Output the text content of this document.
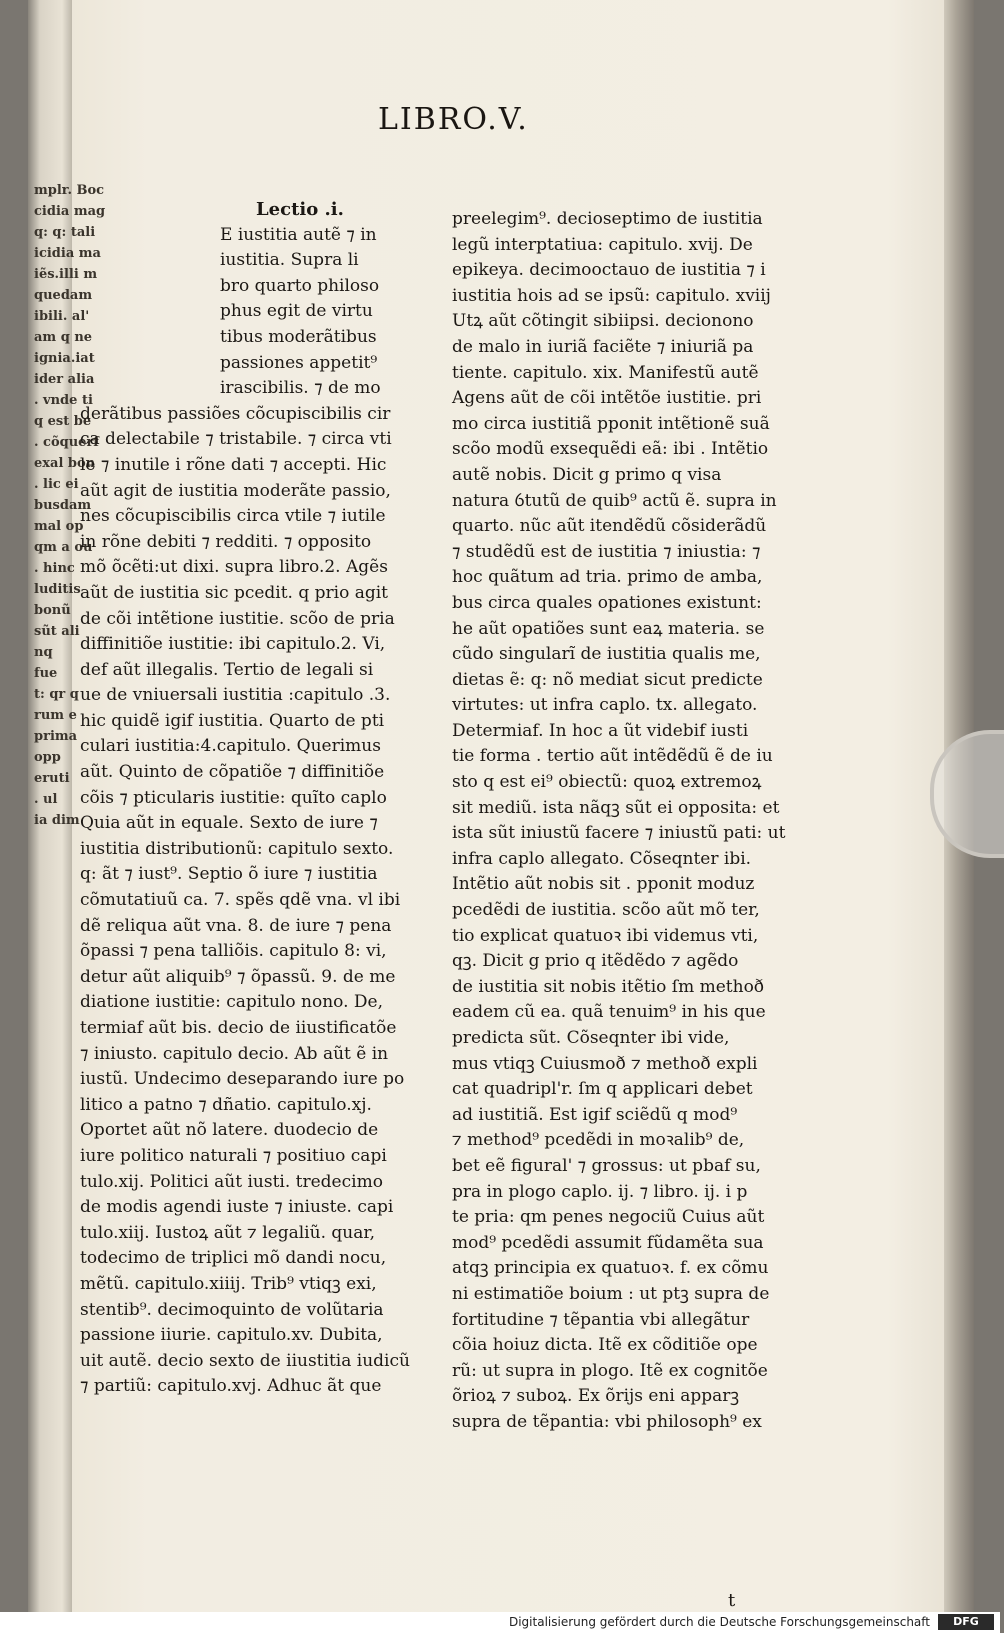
mplr. Boc
cidia mag
q: q: tali
icidia ma
iẽs.illi m
quedam
ibili. al'
am q ne
ignia.iat
ider alia
. vnde ti
q est be
. cõquerf
exal bon
. lic ei
busdam
mal op
qm a ou
. hinc
luditis
bonũ
sũt ali
nq
fue
t: qr q
rum e
prima
opp
eruti
. ul
ia dim
LIBRO.V.
Lectio .i.
E iustitia autẽ ⁊ in
iustitia. Supra li
bro quarto philoso
phus egit de virtu
tibus moderãtibus
passiones appetit⁹
irascibilis. ⁊ de mo
derãtibus passiões cõcupiscibilis cir
ca delectabile ⁊ tristabile. ⁊ circa vti
le ⁊ inutile i rõne dati ⁊ accepti. Hic
aũt agit de iustitia moderãte passio,
nes cõcupiscibilis circa vtile ⁊ iutile
in rõne debiti ⁊ redditi. ⁊ opposito
mõ õcẽti:ut dixi. supra libro.2. Agẽs
aũt de iustitia sic pcedit. q prio agit
de cõi intẽtione iustitie. scõo de pria
diffinitiõe iustitie: ibi capitulo.2. Vi,
def aũt illegalis. Tertio de legali si
ue de vniuersali iustitia :capitulo .3.
hic quidẽ igif iustitia. Quarto de pti
culari iustitia:4.capitulo. Querimus
aũt. Quinto de cõpatiõe ⁊ diffinitiõe
cõis ⁊ pticularis iustitie: quĩto caplo
Quia aũt in equale. Sexto de iure ⁊
iustitia distributionũ: capitulo sexto.
q: ãt ⁊ iust⁹. Septio õ iure ⁊ iustitia
cõmutatiuũ ca. 7. spẽs qdẽ vna. vl ibi
dẽ reliqua aũt vna. 8. de iure ⁊ pena
õpassi ⁊ pena talliõis. capitulo 8: vi,
detur aũt aliquib⁹ ⁊ õpassũ. 9. de me
diatione iustitie: capitulo nono. De,
termiaf aũt bis. decio de iiustificatõe
⁊ iniusto. capitulo decio. Ab aũt ẽ in
iustũ. Undecimo deseparando iure po
litico a patno ⁊ dñatio. capitulo.xj.
Oportet aũt nõ latere. duodecio de
iure politico naturali ⁊ positiuo capi
tulo.xij. Politici aũt iusti. tredecimo
de modis agendi iuste ⁊ iniuste. capi
tulo.xiij. Iustoꝝ aũt ⁊ legaliũ. quar,
todecimo de triplici mõ dandi nocu,
mẽtũ. capitulo.xiiij. Trib⁹ vtiqꝫ exi,
stentib⁹. decimoquinto de volũtaria
passione iiurie. capitulo.xv. Dubita,
uit autẽ. decio sexto de iiustitia iudicũ
⁊ partiũ: capitulo.xvj. Adhuc ãt que
preelegim⁹. decioseptimo de iustitia
legũ interptatiua: capitulo. xvij. De
epikeya. decimooctauo de iustitia ⁊ i
iustitia hois ad se ipsũ: capitulo. xviij
Utꝝ aũt cõtingit sibiipsi. decionono
de malo in iuriã faciẽte ⁊ iniuriã pa
tiente. capitulo. xix. Manifestũ autẽ
Agens aũt de cõi intẽtõe iustitie. pri
mo circa iustitiã pponit intẽtionẽ suã
scõo modũ exsequẽdi eã: ibi . Intẽtio
autẽ nobis. Dicit g primo q visa
natura ỽtutũ de quib⁹ actũ ẽ. supra in
quarto. nũc aũt itendẽdũ cõsiderãdũ
⁊ studẽdũ est de iustitia ⁊ iniustia: ⁊
hoc quãtum ad tria. primo de amba,
bus circa quales opationes existunt:
he aũt opatiões sunt eaꝝ materia. se
cũdo singularĩ de iustitia qualis me,
dietas ẽ: q: nõ mediat sicut predicte
virtutes: ut infra caplo. tx. allegato.
Determiaf. In hoc a ũt videbif iusti
tie forma . tertio aũt intẽdẽdũ ẽ de iu
sto q est ei⁹ obiectũ: quoꝝ extremoꝝ
sit mediũ. ista nãqꝫ sũt ei opposita: et
ista sũt iniustũ facere ⁊ iniustũ pati: ut
infra caplo allegato. Cõseqnter ibi.
Intẽtio aũt nobis sit . pponit moduz
pcedẽdi de iustitia. scõo aũt mõ ter,
tio explicat quatuoꝛ ibi videmus vti,
qꝫ. Dicit g prio q itẽdẽdo ⁊ agẽdo
de iustitia sit nobis itẽtio ſm methoð
eadem cũ ea. quã tenuim⁹ in his que
predicta sũt. Cõseqnter ibi vide,
mus vtiqꝫ Cuiusmoð ⁊ methoð expli
cat quadripl'r. ſm q applicari debet
ad iustitiã. Est igif sciẽdũ q mod⁹
⁊ method⁹ pcedẽdi in moꝛalib⁹ de,
bet eẽ figural' ⁊ grossus: ut pbaf su,
pra in plogo caplo. ij. ⁊ libro. ij. i p
te pria: qm penes negociũ Cuius aũt
mod⁹ pcedẽdi assumit fũdamẽta sua
atqꝫ principia ex quatuoꝛ. f. ex cõmu
ni estimatiõe boium : ut ptꝫ supra de
fortitudine ⁊ tẽpantia vbi allegãtur
cõia hoiuz dicta. Itẽ ex cõditiõe ope
rũ: ut supra in plogo. Itẽ ex cognitõe
õrioꝝ ⁊ suboꝝ. Ex õrijs eni apparꝫ
supra de tẽpantia: vbi philosoph⁹ ex
t
Digitalisierung gefördert durch die Deutsche Forschungsgemeinschaft	DFG
